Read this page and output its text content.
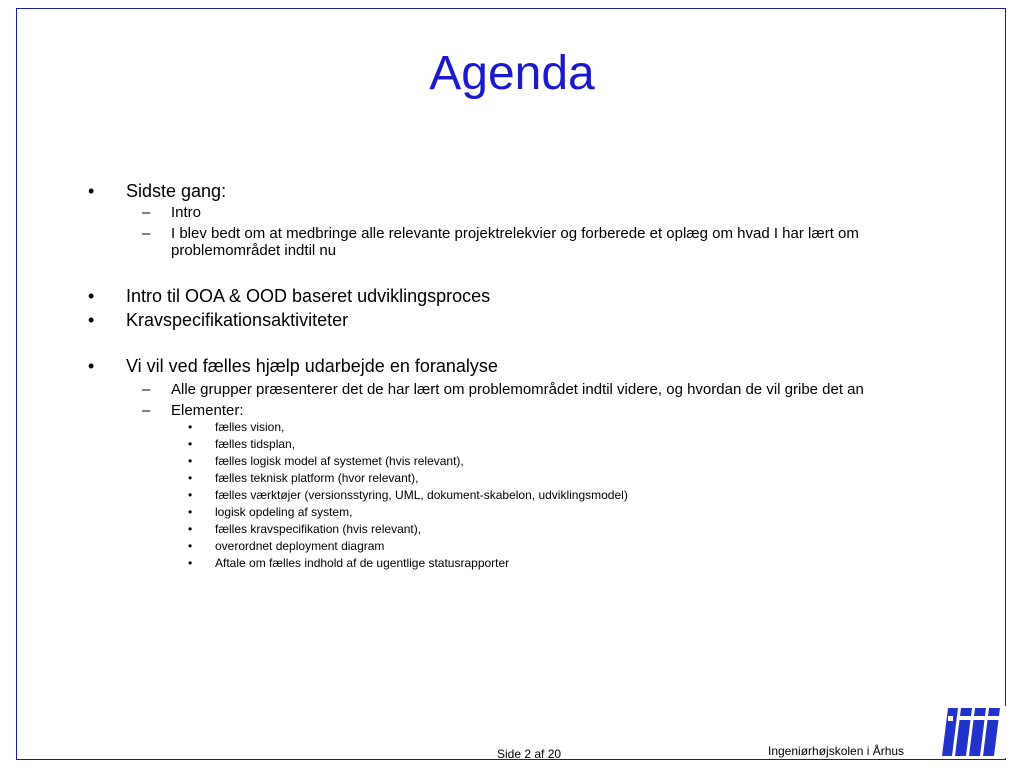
Agenda
•	Sidste gang:
– Intro
– I blev bedt om at medbringe alle relevante projektrelekvier og forberede et oplæg om hvad I har lært om problemområdet indtil nu
•	Intro til OOA & OOD baseret udviklingsproces
•	Kravspecifikationsaktiviteter
•	Vi vil ved fælles hjælp udarbejde en foranalyse
– Alle grupper præsenterer det de har lært om problemområdet indtil videre, og hvordan de vil gribe det an
– Elementer:
• fælles vision,
• fælles tidsplan,
• fælles logisk model af systemet (hvis relevant),
• fælles teknisk platform (hvor relevant),
• fælles værktøjer (versionsstyring, UML, dokument-skabelon, udviklingsmodel)
• logisk opdeling af system,
• fælles kravspecifikation (hvis relevant),
• overordnet deployment diagram
• Aftale om fælles indhold af de ugentlige statusrapporter
Side 2 af 20	Ingeniørhøjskolen i Århus
